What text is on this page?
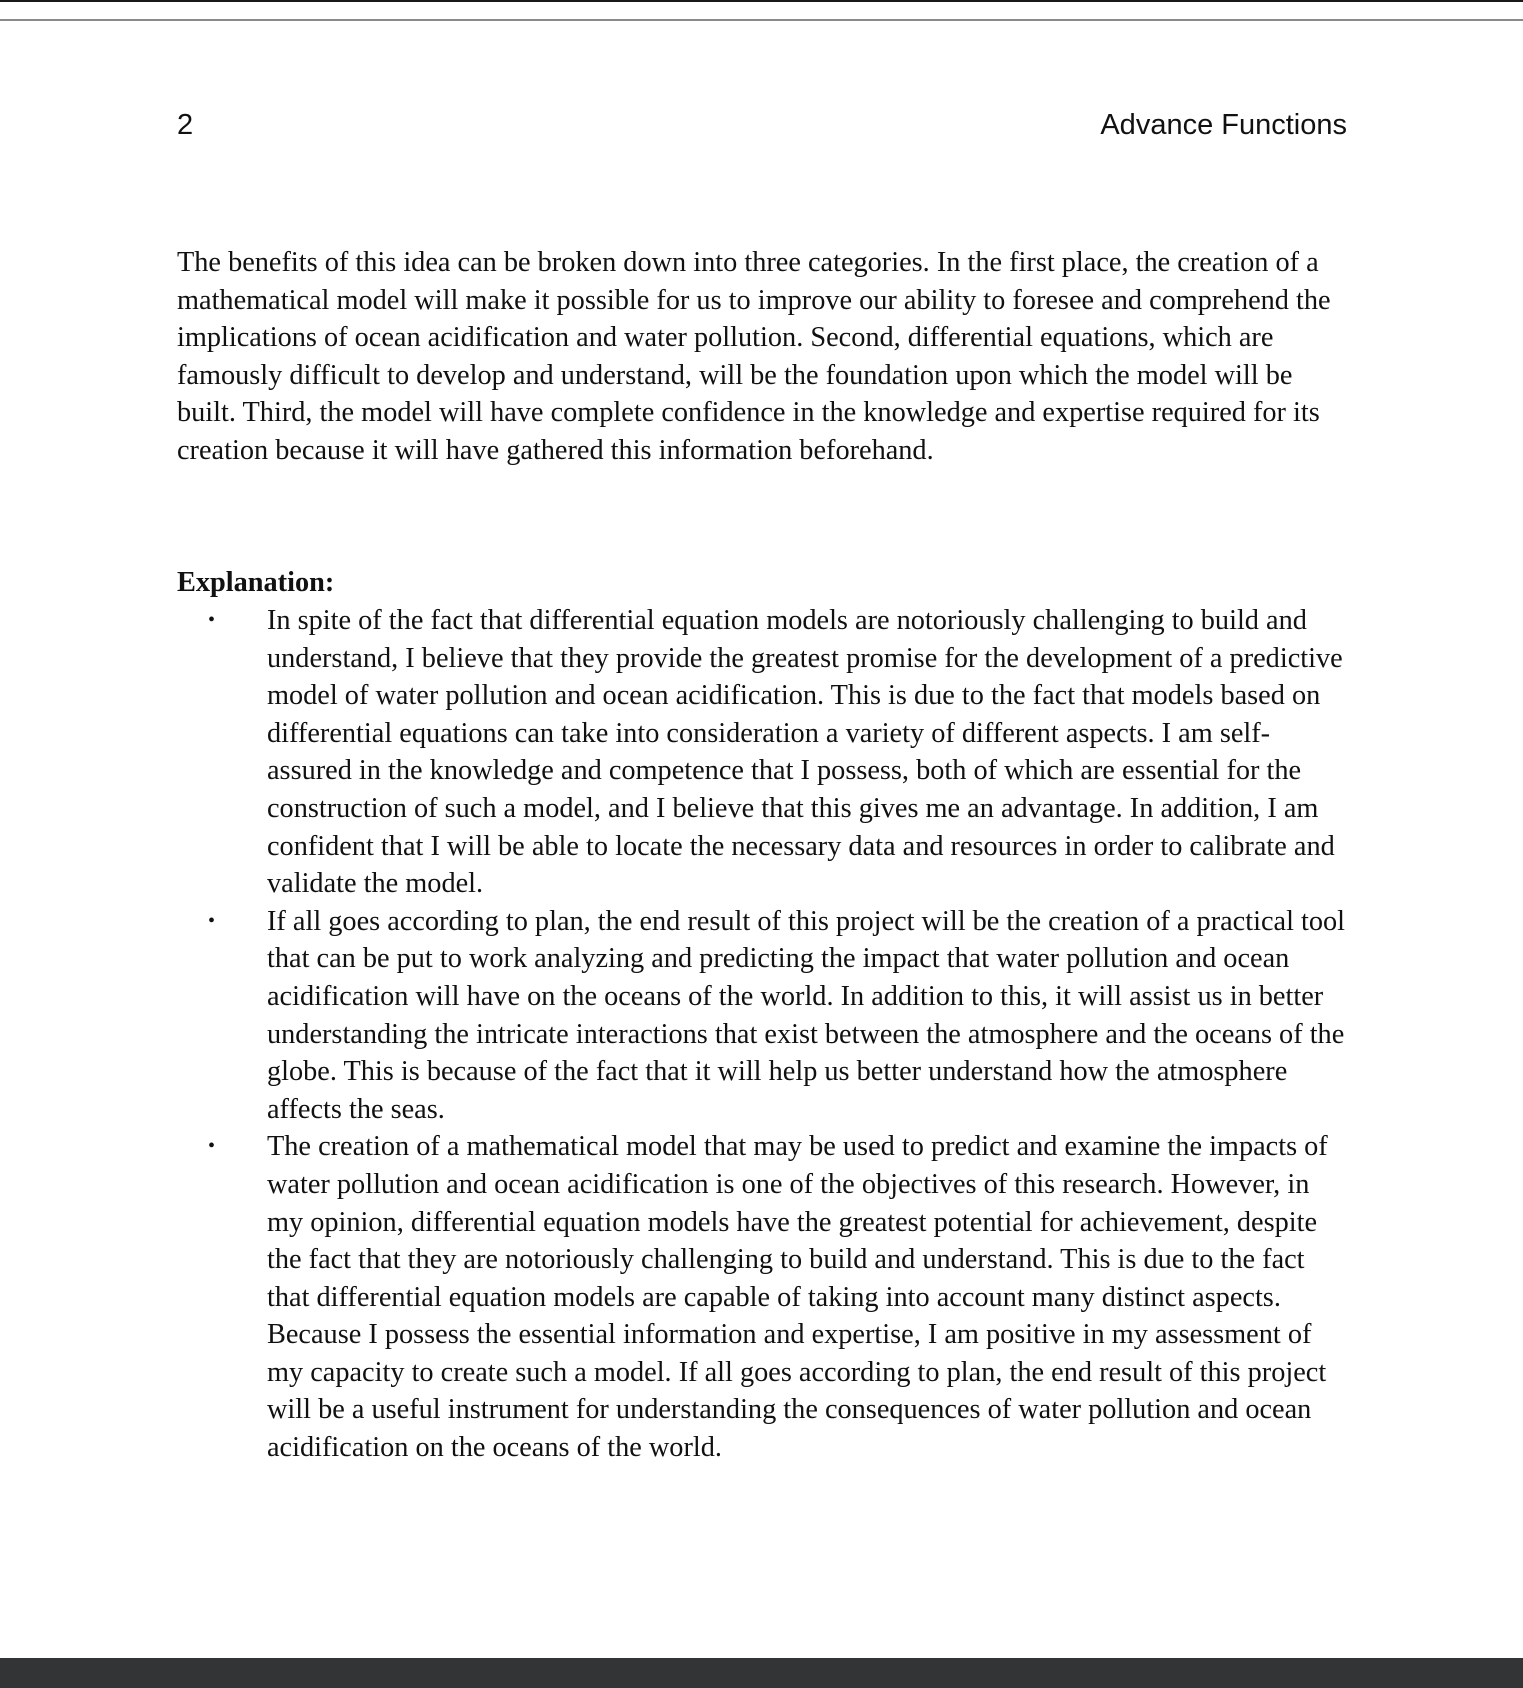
2	Advance Functions

The benefits of this idea can be broken down into three categories. In the first place, the creation of a mathematical model will make it possible for us to improve our ability to foresee and comprehend the implications of ocean acidification and water pollution. Second, differential equations, which are famously difficult to develop and understand, will be the foundation upon which the model will be built. Third, the model will have complete confidence in the knowledge and expertise required for its creation because it will have gathered this information beforehand.

Explanation:

•	In spite of the fact that differential equation models are notoriously challenging to build and understand, I believe that they provide the greatest promise for the development of a predictive model of water pollution and ocean acidification. This is due to the fact that models based on differential equations can take into consideration a variety of different aspects. I am self-assured in the knowledge and competence that I possess, both of which are essential for the construction of such a model, and I believe that this gives me an advantage. In addition, I am confident that I will be able to locate the necessary data and resources in order to calibrate and validate the model.
•	If all goes according to plan, the end result of this project will be the creation of a practical tool that can be put to work analyzing and predicting the impact that water pollution and ocean acidification will have on the oceans of the world. In addition to this, it will assist us in better understanding the intricate interactions that exist between the atmosphere and the oceans of the globe. This is because of the fact that it will help us better understand how the atmosphere affects the seas.
•	The creation of a mathematical model that may be used to predict and examine the impacts of water pollution and ocean acidification is one of the objectives of this research. However, in my opinion, differential equation models have the greatest potential for achievement, despite the fact that they are notoriously challenging to build and understand. This is due to the fact that differential equation models are capable of taking into account many distinct aspects. Because I possess the essential information and expertise, I am positive in my assessment of my capacity to create such a model. If all goes according to plan, the end result of this project will be a useful instrument for understanding the consequences of water pollution and ocean acidification on the oceans of the world.
